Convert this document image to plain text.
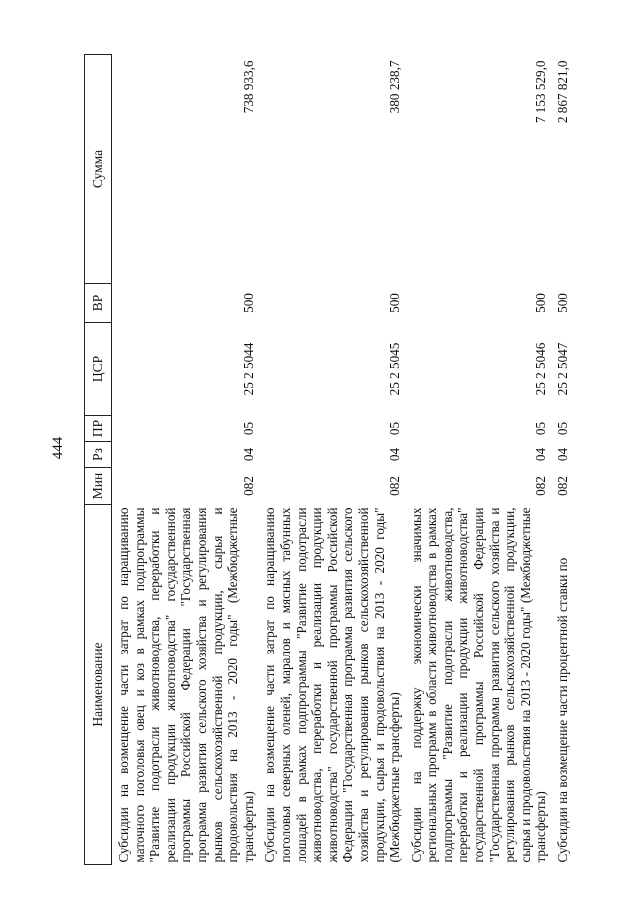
444
Наименование	Мин	Рз	ПР	ЦСР	ВР	Сумма
Субсидии на возмещение части затрат по наращиванию маточного поголовья овец и коз в рамках подпрограммы "Развитие подотрасли животноводства, переработки и реализации продукции животноводства" государственной программы Российской Федерации "Государственная программа развития сельского хозяйства и регулирования рынков сельскохозяйственной продукции, сырья и продовольствия на 2013 - 2020 годы" (Межбюджетные трансферты)	082	04	05	25 2 5044	500	738 933,6
Субсидии на возмещение части затрат по наращиванию поголовья северных оленей, маралов и мясных табунных лошадей в рамках подпрограммы "Развитие подотрасли животноводства, переработки и реализации продукции животноводства" государственной программы Российской Федерации "Государственная программа развития сельского хозяйства и регулирования рынков сельскохозяйственной продукции, сырья и продовольствия на 2013 - 2020 годы" (Межбюджетные трансферты)	082	04	05	25 2 5045	500	380 238,7
Субсидии на поддержку экономически значимых региональных программ в области животноводства в рамках подпрограммы "Развитие подотрасли животноводства, переработки и реализации продукции животноводства" государственной программы Российской Федерации "Государственная программа развития сельского хозяйства и регулирования рынков сельскохозяйственной продукции, сырья и продовольствия на 2013 - 2020 годы" (Межбюджетные трансферты)	082	04	05	25 2 5046	500	7 153 529,0
Субсидии на возмещение части процентной ставки по	082	04	05	25 2 5047	500	2 867 821,0
